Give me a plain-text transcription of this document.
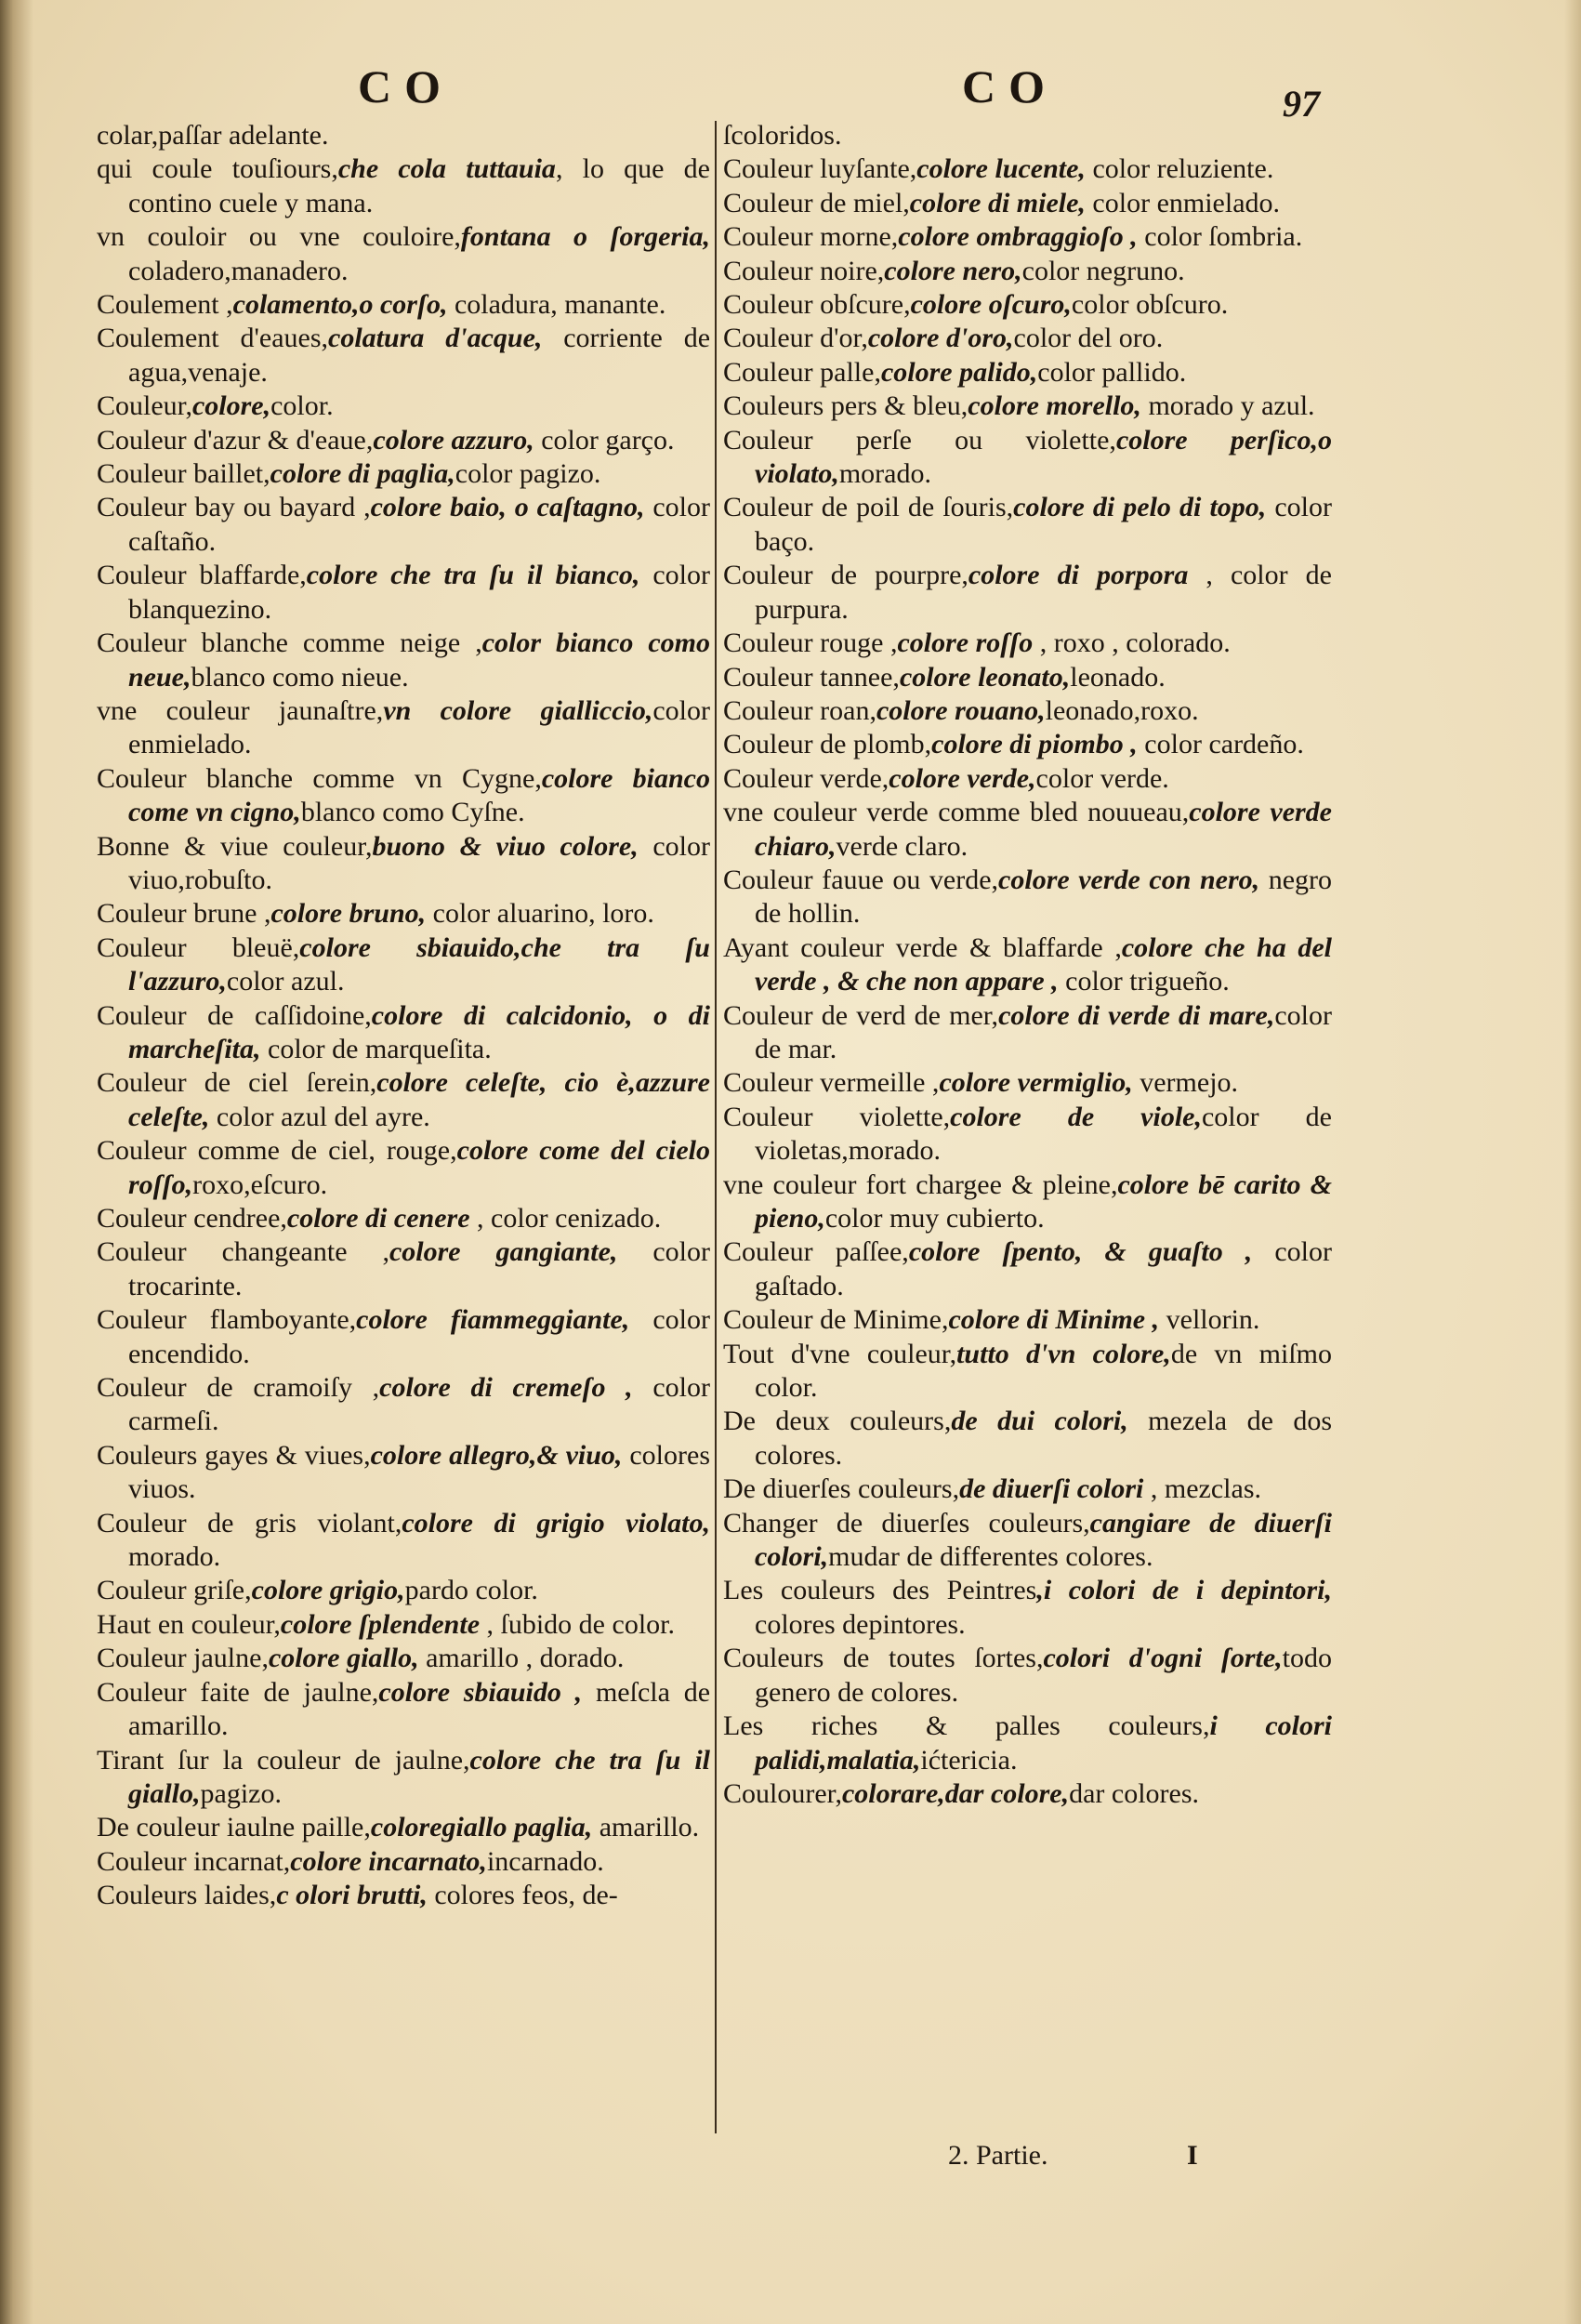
CO	CO	97

colar,paſſar adelante.

qui coule touſiours,che cola tuttauia, lo que de contino cuele y mana.

vn couloir ou vne couloire,fontana o ſorgeria, coladero,manadero.

Coulement ,colamento,o corſo, coladura, manante.

Coulement d'eaues,colatura d'acque, corriente de agua,venaje.

Couleur,colore,color.

Couleur d'azur & d'eaue,colore azzuro, color garço.

Couleur baillet,colore di paglia,color pagizo.

Couleur bay ou bayard ,colore baio, o caſtagno, color caſtaño.

Couleur blaffarde,colore che tra ſu il bianco, color blanquezino.

Couleur blanche comme neige ,color bianco como neue,blanco como nieue.

vne couleur jaunaſtre,vn colore gialliccio,color enmielado.

Couleur blanche comme vn Cygne,colore bianco come vn cigno,blanco como Cyſne.

Bonne & viue couleur,buono & viuo colore, color viuo,robuſto.

Couleur brune ,colore bruno, color aluarino, loro.

Couleur bleuë,colore sbiauido,che tra ſu l'azzuro,color azul.

Couleur de caſſidoine,colore di calcidonio, o di marcheſita, color de marqueſita.

Couleur de ciel ſerein,colore celeſte, cio è,azzure celeſte, color azul del ayre.

Couleur comme de ciel, rouge,colore come del cielo roſſo,roxo,eſcuro.

Couleur cendree,colore di cenere , color cenizado.

Couleur changeante ,colore gangiante, color trocarinte.

Couleur flamboyante,colore fiammeggiante, color encendido.

Couleur de cramoiſy ,colore di cremeſo , color carmeſi.

Couleurs gayes & viues,colore allegro,& viuo, colores viuos.

Couleur de gris violant,colore di grigio violato, morado.

Couleur griſe,colore grigio,pardo color.

Haut en couleur,colore ſplendente , ſubido de color.

Couleur jaulne,colore giallo, amarillo , dorado.

Couleur faite de jaulne,colore sbiauido , meſcla de amarillo.

Tirant ſur la couleur de jaulne,colore che tra ſu il giallo,pagizo.

De couleur iaulne paille,coloregiallo paglia, amarillo.

Couleur incarnat,colore incarnato,incarnado.

Couleurs laides,c olori brutti, colores feos, de-

ſcoloridos.

Couleur luyſante,colore lucente, color reluziente.

Couleur de miel,colore di miele, color enmielado.

Couleur morne,colore ombraggioſo , color ſombria.

Couleur noire,colore nero,color negruno.

Couleur obſcure,colore oſcuro,color obſcuro.

Couleur d'or,colore d'oro,color del oro.

Couleur palle,colore palido,color pallido.

Couleurs pers & bleu,colore morello, morado y azul.

Couleur perſe ou violette,colore perſico,o violato,morado.

Couleur de poil de ſouris,colore di pelo di topo, color baço.

Couleur de pourpre,colore di porpora , color de purpura.

Couleur rouge ,colore roſſo , roxo , colorado.

Couleur tannee,colore leonato,leonado.

Couleur roan,colore rouano,leonado,roxo.

Couleur de plomb,colore di piombo , color cardeño.

Couleur verde,colore verde,color verde.

vne couleur verde comme bled nouueau,colore verde chiaro,verde claro.

Couleur fauue ou verde,colore verde con nero, negro de hollin.

Ayant couleur verde & blaffarde ,colore che ha del verde , & che non appare , color trigueño.

Couleur de verd de mer,colore di verde di mare,color de mar.

Couleur vermeille ,colore vermiglio, vermejo.

Couleur violette,colore de viole,color de violetas,morado.

vne couleur fort chargee & pleine,colore bē carito & pieno,color muy cubierto.

Couleur paſſee,colore ſpento, & guaſto , color gaſtado.

Couleur de Minime,colore di Minime , vellorin.

Tout d'vne couleur,tutto d'vn colore,de vn miſmo color.

De deux couleurs,de dui colori, mezela de dos colores.

De diuerſes couleurs,de diuerſi colori , mezclas.

Changer de diuerſes couleurs,cangiare de diuerſi colori,mudar de differentes colores.

Les couleurs des Peintres,i colori de i depintori, colores depintores.

Couleurs de toutes ſortes,colori d'ogni ſorte,todo genero de colores.

Les riches & palles couleurs,i colori palidi,malatia,ićtericia.

Coulourer,colorare,dar colore,dar colores.

2. Partie.	I
